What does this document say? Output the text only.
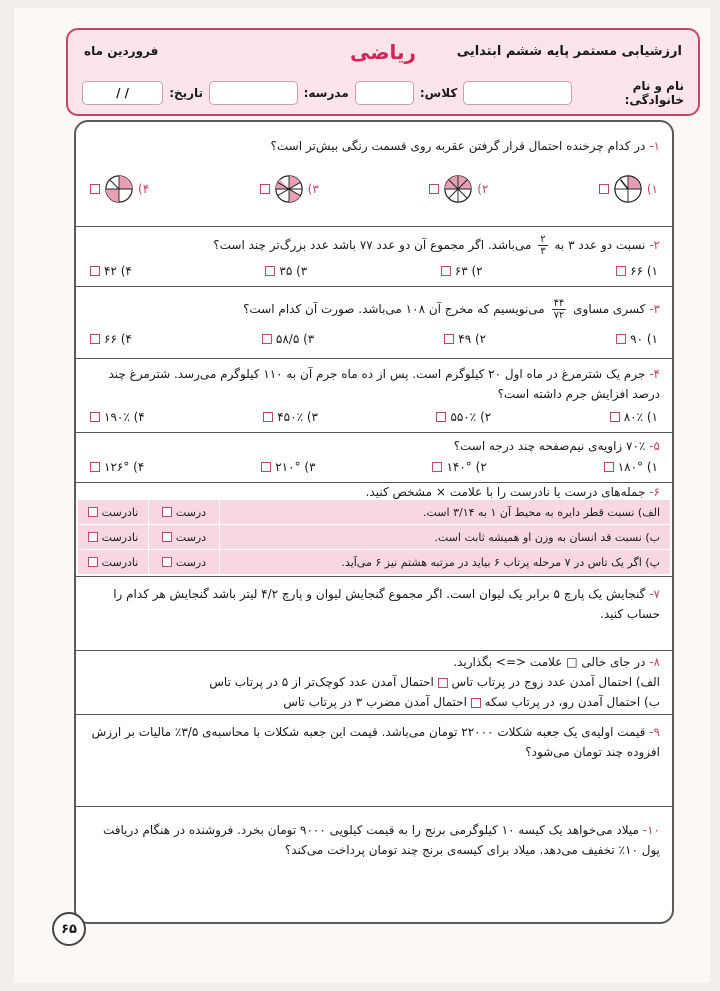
ارزشیابی مستمر پایه ششم ابتدایی
ریاضی
فروردین ماه
نام و نام خانوادگی:
کلاس:
مدرسه:
تاریخ:
/ /
۱- در کدام چرخنده احتمال قرار گرفتن عقربه روی قسمت رنگی بیش‌تر است؟
۱)
۲)
۳)
۴)
۲- نسبت دو عدد ۳ به
$\frac{۲}{۳}$
می‌باشد. اگر مجموع آن دو عدد ۷۷ باشد عدد بزرگ‌تر چند است؟
۱) ۶۶
۲) ۶۳
۳) ۳۵
۴) ۴۲
۳- کسری مساوی
$\frac{۴۴}{۷۲}$
می‌نویسیم که مخرج آن ۱۰۸ می‌باشد. صورت آن کدام است؟
۱) ۹۰
۲) ۴۹
۳) ۵۸/۵
۴) ۶۶
۴- جرم یک شترمرغ در ماه اول ۲۰ کیلوگرم است. پس از ده ماه جرم آن به ۱۱۰ کیلوگرم می‌رسد. شترمرغ چند درصد افزایش جرم داشته است؟
۱) ۸۰٪
۲) ۵۵۰٪
۳) ۴۵۰٪
۴) ۱۹۰٪
۵- ۷۰٪ زاویه‌ی نیم‌صفحه چند درجه است؟
۱) ۱۸۰°
۲) ۱۴۰°
۳) ۲۱۰°
۴) ۱۲۶°
۶- جمله‌های درست یا نادرست را با علامت × مشخص کنید.
الف) نسبت قطر دایره به محیط آن ۱ به ۳/۱۴ است.
درست
نادرست
ب) نسبت قد انسان به وزن او همیشه ثابت است.
درست
نادرست
پ) اگر یک تاس در ۷ مرحله پرتاب ۶ بیاید در مرتبه هشتم نیز ۶ می‌آید.
درست
نادرست
۷- گنجایش یک پارچ ۵ برابر یک لیوان است. اگر مجموع گنجایش لیوان و پارچ ۴/۲ لیتر باشد گنجایش هر کدام را حساب کنید.
۸- در جای خالی □ علامت <=> بگذارید.
الف) احتمال آمدن عدد زوج در پرتاب تاس  احتمال آمدن عدد کوچک‌تر از ۵ در پرتاب تاس
ب) احتمال آمدن رو، در پرتاب سکه  احتمال آمدن مضرب ۳ در پرتاب تاس
۹- قیمت اولیه‌ی یک جعبه شکلات ۲۲۰۰۰ تومان می‌باشد. قیمت این جعبه شکلات با محاسبه‌ی ۳/۵٪ مالیات بر ارزش افزوده چند تومان می‌شود؟
۱۰- میلاد می‌خواهد یک کیسه ۱۰ کیلوگرمی برنج را به قیمت کیلویی ۹۰۰۰ تومان بخرد. فروشنده در هنگام دریافت پول ۱۰٪ تخفیف می‌دهد. میلاد برای کیسه‌ی برنج چند تومان پرداخت می‌کند؟
۶۵
